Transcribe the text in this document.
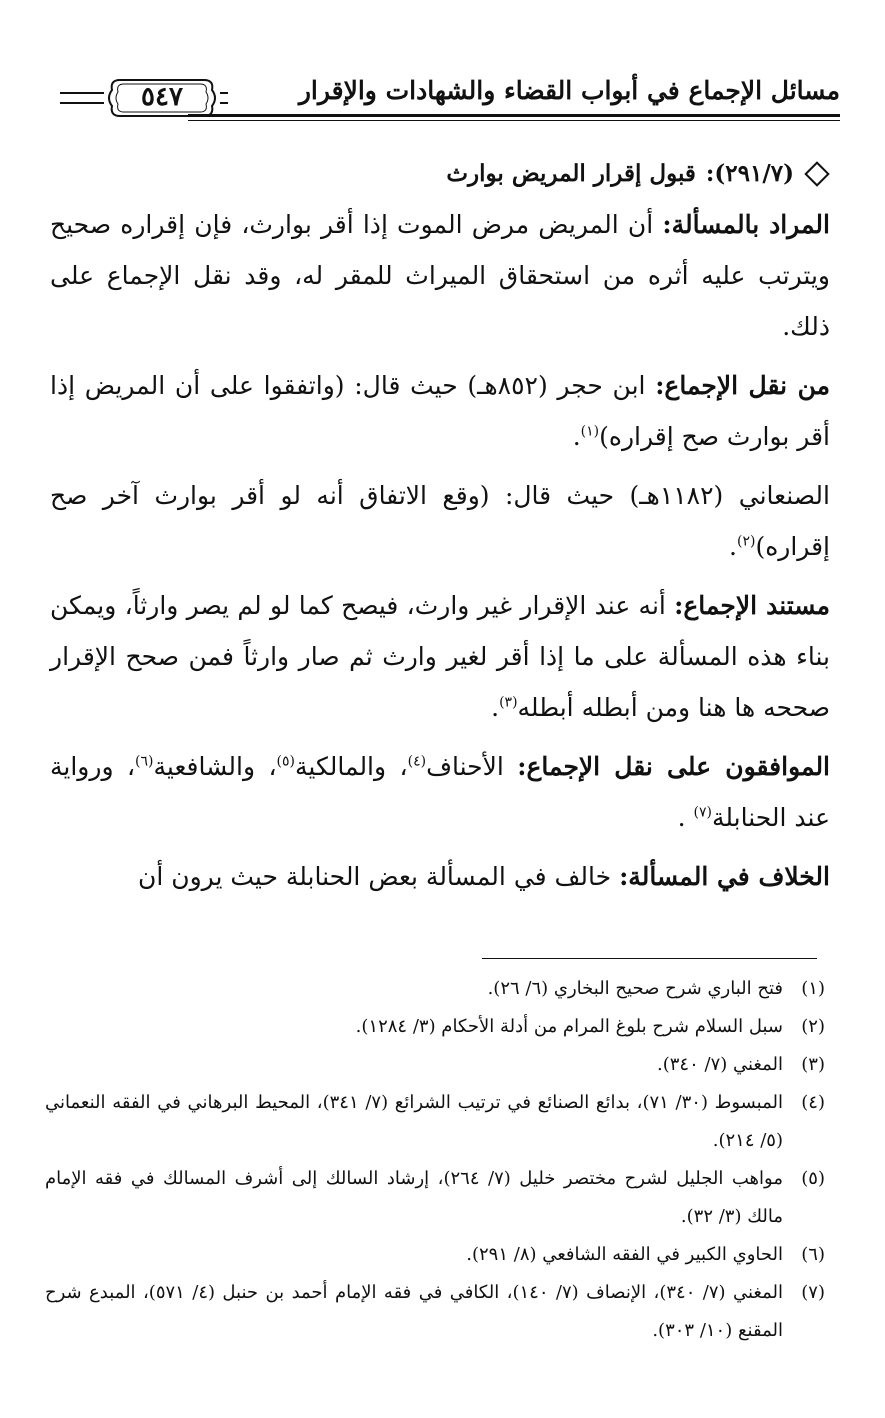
مسائل الإجماع في أبواب القضاء والشهادات والإقرار
٥٤٧
(٢٩١/٧):
قبول إقرار المريض بوارث

المراد بالمسألة: أن المريض مرض الموت إذا أقر بوارث، فإن إقراره صحيح ويترتب عليه أثره من استحقاق الميراث للمقر له، وقد نقل الإجماع على ذلك.

من نقل الإجماع: ابن حجر (٨٥٢هـ) حيث قال: (واتفقوا على أن المريض إذا أقر بوارث صح إقراره)$^{(١)}$.

الصنعاني (١١٨٢هـ) حيث قال: (وقع الاتفاق أنه لو أقر بوارث آخر صح إقراره)$^{(٢)}$.

مستند الإجماع: أنه عند الإقرار غير وارث، فيصح كما لو لم يصر وارثاً، ويمكن بناء هذه المسألة على ما إذا أقر لغير وارث ثم صار وارثاً فمن صحح الإقرار صححه ها هنا ومن أبطله أبطله$^{(٣)}$.

الموافقون على نقل الإجماع: الأحناف$^{(٤)}$، والمالكية$^{(٥)}$، والشافعية$^{(٦)}$، ورواية عند الحنابلة$^{(٧)}$ .

الخلاف في المسألة: خالف في المسألة بعض الحنابلة حيث يرون أن

(١)
فتح الباري شرح صحيح البخاري (٦/ ٢٦).
(٢)
سبل السلام شرح بلوغ المرام من أدلة الأحكام (٣/ ١٢٨٤).
(٣)
المغني (٧/ ٣٤٠).
(٤)
المبسوط (٣٠/ ٧١)، بدائع الصنائع في ترتيب الشرائع (٧/ ٣٤١)، المحيط البرهاني في الفقه النعماني (٥/ ٢١٤).
(٥)
مواهب الجليل لشرح مختصر خليل (٧/ ٢٦٤)، إرشاد السالك إلى أشرف المسالك في فقه الإمام مالك (٣/ ٣٢).
(٦)
الحاوي الكبير في الفقه الشافعي (٨/ ٢٩١).
(٧)
المغني (٧/ ٣٤٠)، الإنصاف (٧/ ١٤٠)، الكافي في فقه الإمام أحمد بن حنبل (٤/ ٥٧١)، المبدع شرح المقنع (١٠/ ٣٠٣).
